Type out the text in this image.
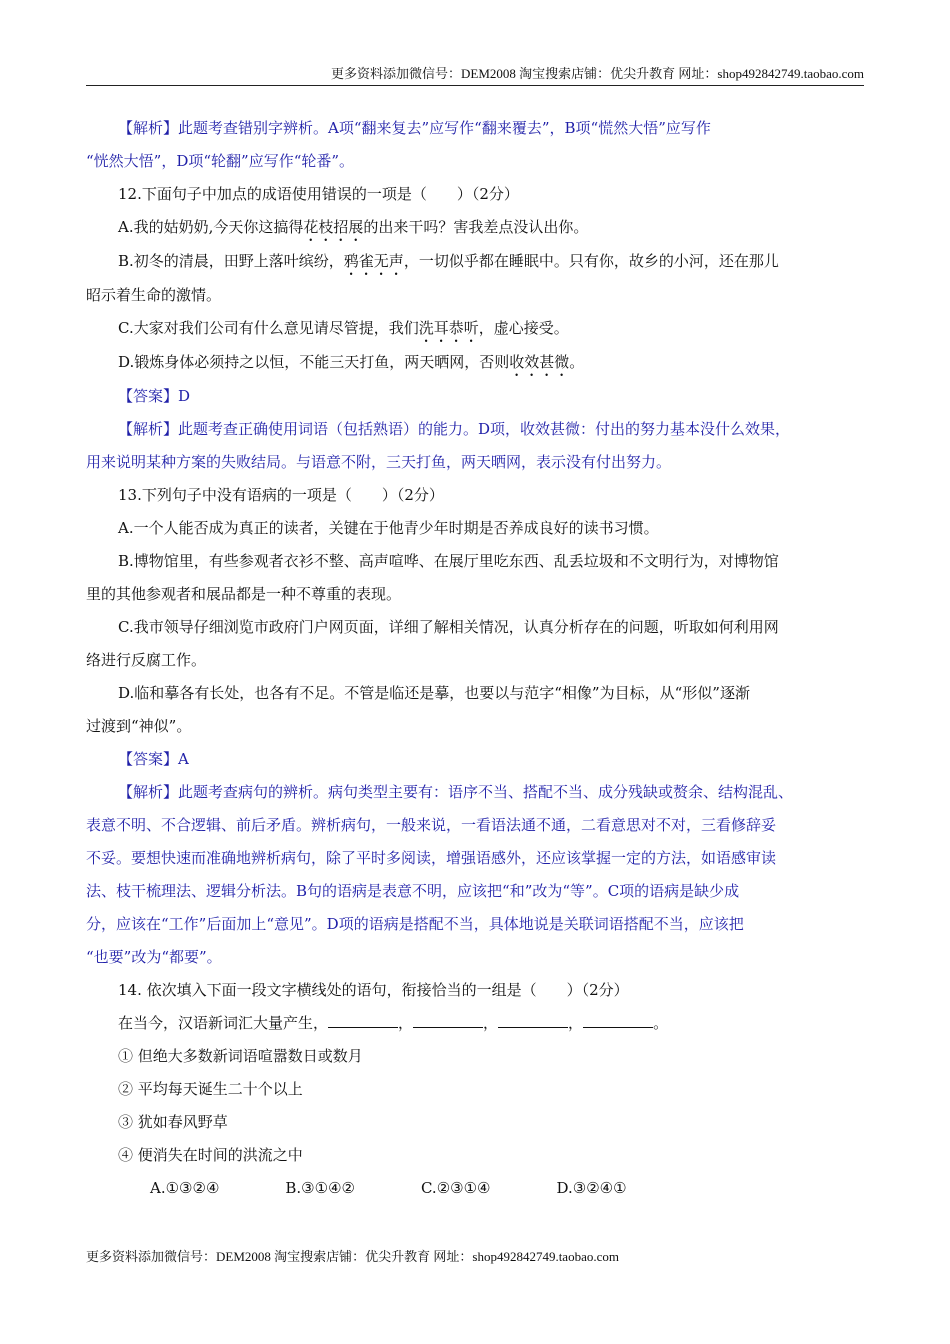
更多资料添加微信号：DEM2008 淘宝搜索店铺：优尖升教育 网址：shop492842749.taobao.com

【解析】此题考查错别字辨析。A项“翻来复去”应写作“翻来覆去”，B项“慌然大悟”应写作

“恍然大悟”，D项“轮翻”应写作“轮番”。

12.下面句子中加点的成语使用错误的一项是（　　）（2分）

A.我的姑奶奶,今天你这搞得花枝招展的出来干吗？害我差点没认出你。

B.初冬的清晨，田野上落叶缤纷，鸦雀无声，一切似乎都在睡眠中。只有你，故乡的小河，还在那儿

昭示着生命的激情。

C.大家对我们公司有什么意见请尽管提，我们洗耳恭听，虚心接受。

D.锻炼身体必须持之以恒，不能三天打鱼，两天晒网，否则收效甚微。

【答案】D

【解析】此题考查正确使用词语（包括熟语）的能力。D项，收效甚微：付出的努力基本没什么效果，

用来说明某种方案的失败结局。与语意不附，三天打鱼，两天晒网，表示没有付出努力。

13.下列句子中没有语病的一项是（　　）（2分）

A.一个人能否成为真正的读者，关键在于他青少年时期是否养成良好的读书习惯。

B.博物馆里，有些参观者衣衫不整、高声喧哗、在展厅里吃东西、乱丢垃圾和不文明行为，对博物馆

里的其他参观者和展品都是一种不尊重的表现。

C.我市领导仔细浏览市政府门户网页面，详细了解相关情况，认真分析存在的问题，听取如何利用网

络进行反腐工作。

D.临和摹各有长处，也各有不足。不管是临还是摹，也要以与范字“相像”为目标，从“形似”逐渐

过渡到“神似”。

【答案】A

【解析】此题考查病句的辨析。病句类型主要有：语序不当、搭配不当、成分残缺或赘余、结构混乱、

表意不明、不合逻辑、前后矛盾。辨析病句，一般来说，一看语法通不通，二看意思对不对，三看修辞妥

不妥。要想快速而准确地辨析病句，除了平时多阅读，增强语感外，还应该掌握一定的方法，如语感审读

法、枝干梳理法、逻辑分析法。B句的语病是表意不明，应该把“和”改为“等”。C项的语病是缺少成

分，应该在“工作”后面加上“意见”。D项的语病是搭配不当，具体地说是关联词语搭配不当，应该把

“也要”改为“都要”。

14. 依次填入下面一段文字横线处的语句，衔接恰当的一组是（　　）（2分）

在当今，汉语新词汇大量产生，	，	，	，	。

① 但绝大多数新词语喧嚣数日或数月

② 平均每天诞生二十个以上

③ 犹如春风野草

④ 便消失在时间的洪流之中

A.①③②④	B.③①④②	C.②③①④	D.③②④①

更多资料添加微信号：DEM2008 淘宝搜索店铺：优尖升教育 网址：shop492842749.taobao.com
